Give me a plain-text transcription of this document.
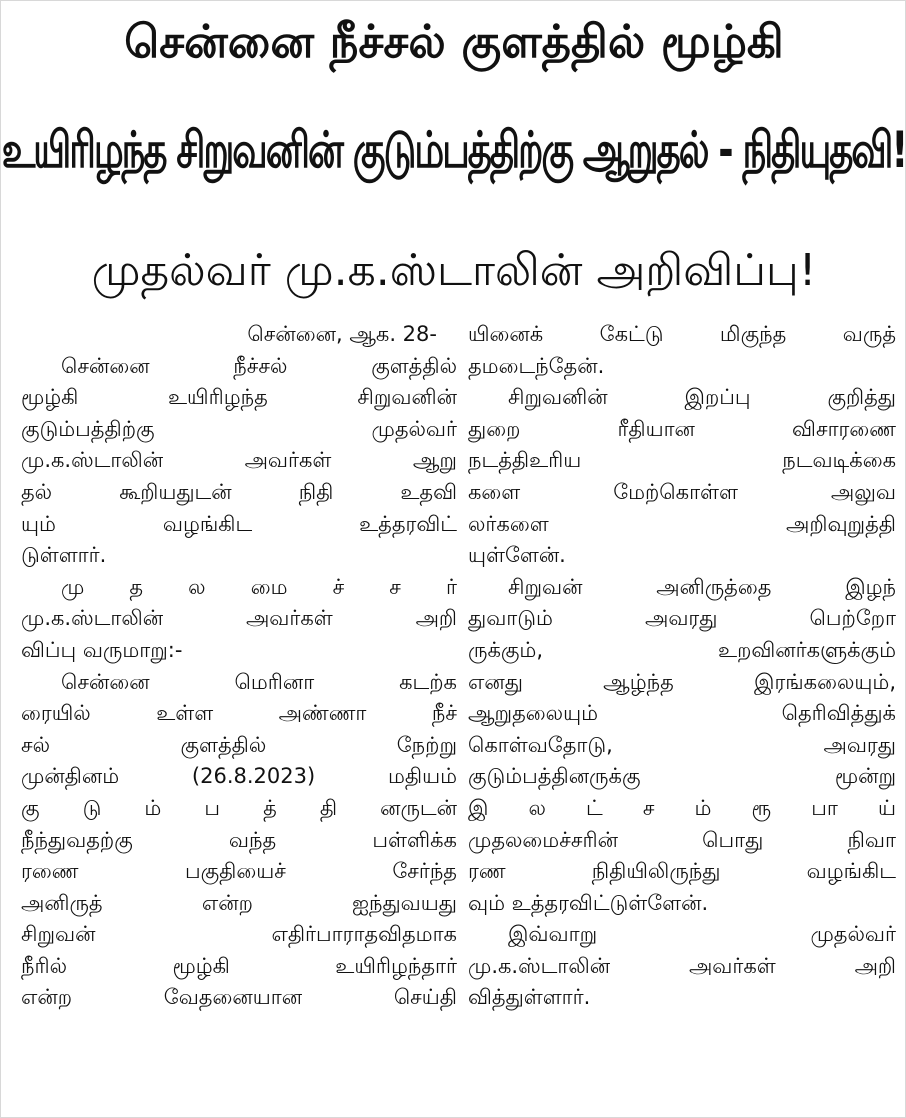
சென்னை நீச்சல் குளத்தில் மூழ்கி
உயிரிழந்த சிறுவனின் குடும்பத்திற்கு ஆறுதல் - நிதியுதவி!
முதல்வர் மு.க.ஸ்டாலின் அறிவிப்பு!
சென்னை, ஆக. 28-
சென்னை நீச்சல் குளத்தில்
மூழ்கி உயிரிழந்த சிறுவனின்
குடும்பத்திற்கு முதல்வர்
மு.க.ஸ்டாலின் அவர்கள் ஆறு
தல் கூறியதுடன் நிதி உதவி
யும் வழங்கிட உத்தரவிட்
டுள்ளார்.
மு த ல மை ச் ச ர்
மு.க.ஸ்டாலின் அவர்கள் அறி
விப்பு வருமாறு:-
சென்னை மெரினா கடற்க
ரையில் உள்ள அண்ணா நீச்
சல் குளத்தில் நேற்று
முன்தினம் (26.8.2023) மதியம்
கு டு ம் ப த் தி னருடன்
நீந்துவதற்கு வந்த பள்ளிக்க
ரணை பகுதியைச் சேர்ந்த
அனிருத் என்ற ஐந்துவயது
சிறுவன் எதிர்பாராதவிதமாக
நீரில் மூழ்கி உயிரிழந்தார்
என்ற வேதனையான செய்தி
யினைக் கேட்டு மிகுந்த வருத்
தமடைந்தேன்.
சிறுவனின் இறப்பு குறித்து
துறை ரீதியான விசாரணை
நடத்திஉரிய நடவடிக்கை
களை மேற்கொள்ள அலுவ
லர்களை அறிவுறுத்தி
யுள்ளேன்.
சிறுவன் அனிருத்தை இழந்
துவாடும் அவரது பெற்றோ
ருக்கும், உறவினர்களுக்கும்
எனது ஆழ்ந்த இரங்கலையும்,
ஆறுதலையும் தெரிவித்துக்
கொள்வதோடு, அவரது
குடும்பத்தினருக்கு மூன்று
இ ல ட் ச ம் ரூ பா ய்
முதலமைச்சரின் பொது நிவா
ரண நிதியிலிருந்து வழங்கிட
வும் உத்தரவிட்டுள்ளேன்.
இவ்வாறு முதல்வர்
மு.க.ஸ்டாலின் அவர்கள் அறி
வித்துள்ளார்.
